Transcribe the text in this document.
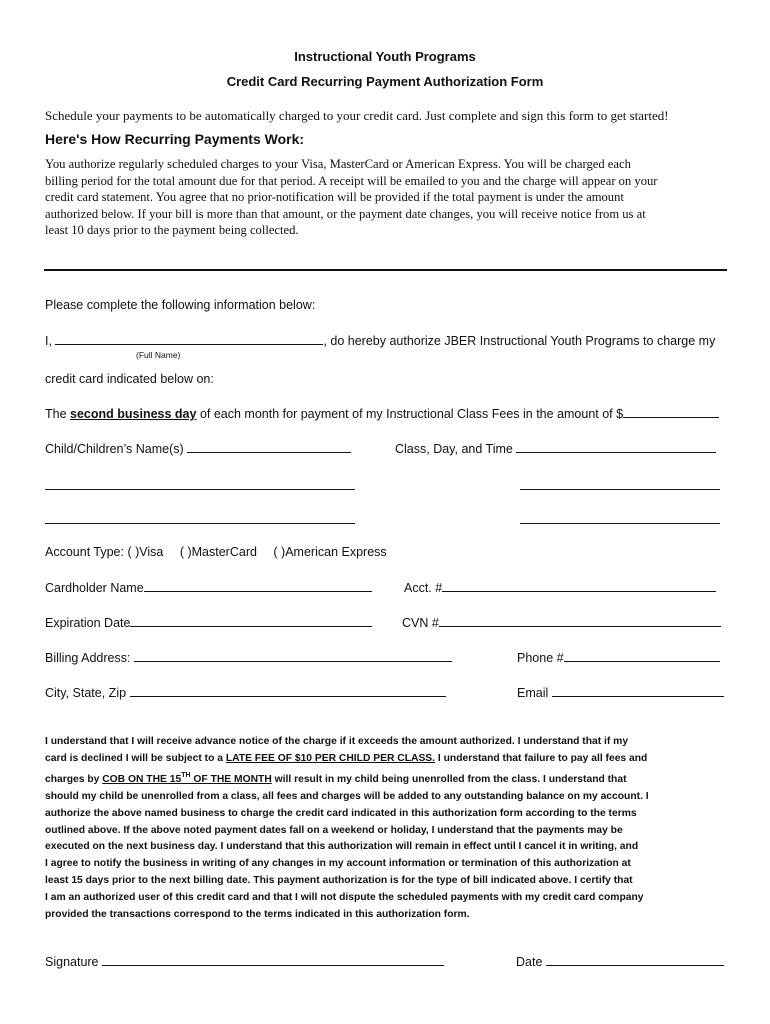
Instructional Youth Programs
Credit Card Recurring Payment Authorization Form
Schedule your payments to be automatically charged to your credit card. Just complete and sign this form to get started!
Here's How Recurring Payments Work:
You authorize regularly scheduled charges to your Visa, MasterCard or American Express. You will be charged each
billing period for the total amount due for that period. A receipt will be emailed to you and the charge will appear on your
credit card statement. You agree that no prior-notification will be provided if the total payment is under the amount
authorized below. If your bill is more than that amount, or the payment date changes, you will receive notice from us at
least 10 days prior to the payment being collected.
Please complete the following information below:
I,	, do hereby authorize JBER Instructional Youth Programs to charge my
(Full Name)
credit card indicated below on:
The second business day of each month for payment of my Instructional Class Fees in the amount of $
Child/Children’s Name(s)	Class, Day, and Time
Account Type: ( )Visa ( )MasterCard ( )American Express
Cardholder Name	Acct. #
Expiration Date	CVN #
Billing Address:	Phone #
City, State, Zip	Email
I understand that I will receive advance notice of the charge if it exceeds the amount authorized. I understand that if my
card is declined I will be subject to a LATE FEE OF $10 PER CHILD PER CLASS. I understand that failure to pay all fees and
charges by COB ON THE 15TH OF THE MONTH will result in my child being unenrolled from the class. I understand that
should my child be unenrolled from a class, all fees and charges will be added to any outstanding balance on my account. I
authorize the above named business to charge the credit card indicated in this authorization form according to the terms
outlined above. If the above noted payment dates fall on a weekend or holiday, I understand that the payments may be
executed on the next business day. I understand that this authorization will remain in effect until I cancel it in writing, and
I agree to notify the business in writing of any changes in my account information or termination of this authorization at
least 15 days prior to the next billing date. This payment authorization is for the type of bill indicated above. I certify that
I am an authorized user of this credit card and that I will not dispute the scheduled payments with my credit card company
provided the transactions correspond to the terms indicated in this authorization form.
Signature	Date
